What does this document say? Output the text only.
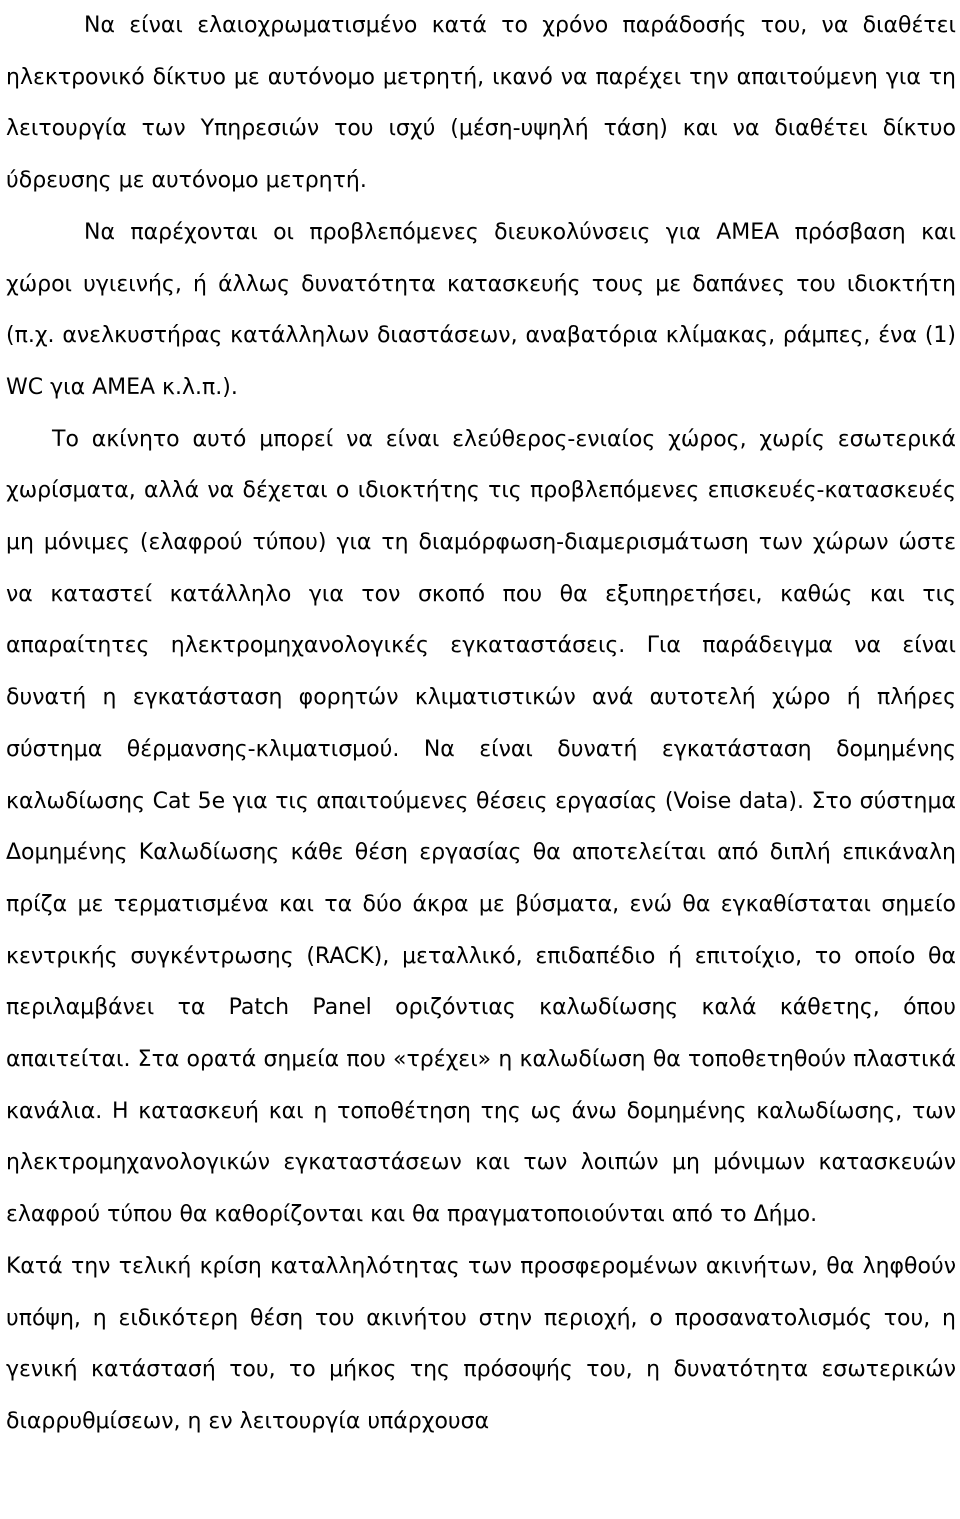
Να είναι ελαιοχρωματισμένο κατά το χρόνο παράδοσής του, να διαθέτει ηλεκτρονικό δίκτυο με αυτόνομο μετρητή, ικανό να παρέχει την απαιτούμενη για τη λειτουργία των Υπηρεσιών του ισχύ (μέση-υψηλή τάση) και να διαθέτει δίκτυο ύδρευσης με αυτόνομο μετρητή.

Να παρέχονται οι προβλεπόμενες διευκολύνσεις για ΑΜΕΑ πρόσβαση και χώροι υγιεινής, ή άλλως δυνατότητα κατασκευής τους με δαπάνες του ιδιοκτήτη (π.χ. ανελκυστήρας κατάλληλων διαστάσεων, αναβατόρια κλίμακας, ράμπες, ένα (1) WC για ΑΜΕΑ κ.λ.π.).

Το ακίνητο αυτό μπορεί να είναι ελεύθερος-ενιαίος χώρος, χωρίς εσωτερικά χωρίσματα, αλλά να δέχεται ο ιδιοκτήτης τις προβλεπόμενες επισκευές-κατασκευές μη μόνιμες (ελαφρού τύπου) για τη διαμόρφωση-διαμερισμάτωση των χώρων ώστε να καταστεί κατάλληλο για τον σκοπό που θα εξυπηρετήσει, καθώς και τις απαραίτητες ηλεκτρομηχανολογικές εγκαταστάσεις. Για παράδειγμα να είναι δυνατή η εγκατάσταση φορητών κλιματιστικών ανά αυτοτελή χώρο ή πλήρες σύστημα θέρμανσης-κλιματισμού. Να είναι δυνατή εγκατάσταση δομημένης καλωδίωσης Cat 5e για τις απαιτούμενες θέσεις εργασίας (Voise data). Στο σύστημα Δομημένης Καλωδίωσης κάθε θέση εργασίας θα αποτελείται από διπλή επικάναλη πρίζα με τερματισμένα και τα δύο άκρα με βύσματα, ενώ θα εγκαθίσταται σημείο κεντρικής συγκέντρωσης (RACK), μεταλλικό, επιδαπέδιο ή επιτοίχιο, το οποίο θα περιλαμβάνει τα Patch Panel οριζόντιας καλωδίωσης καλά κάθετης, όπου απαιτείται. Στα ορατά σημεία που «τρέχει» η καλωδίωση θα τοποθετηθούν πλαστικά κανάλια. Η κατασκευή και η τοποθέτηση της ως άνω δομημένης καλωδίωσης, των ηλεκτρομηχανολογικών εγκαταστάσεων και των λοιπών μη μόνιμων κατασκευών ελαφρού τύπου θα καθορίζονται και θα πραγματοποιούνται από το Δήμο.

Κατά την τελική κρίση καταλληλότητας των προσφερομένων ακινήτων, θα ληφθούν υπόψη, η ειδικότερη θέση του ακινήτου στην περιοχή, ο προσανατολισμός του, η γενική κατάστασή του, το μήκος της πρόσοψής του, η δυνατότητα εσωτερικών διαρρυθμίσεων, η εν λειτουργία υπάρχουσα
